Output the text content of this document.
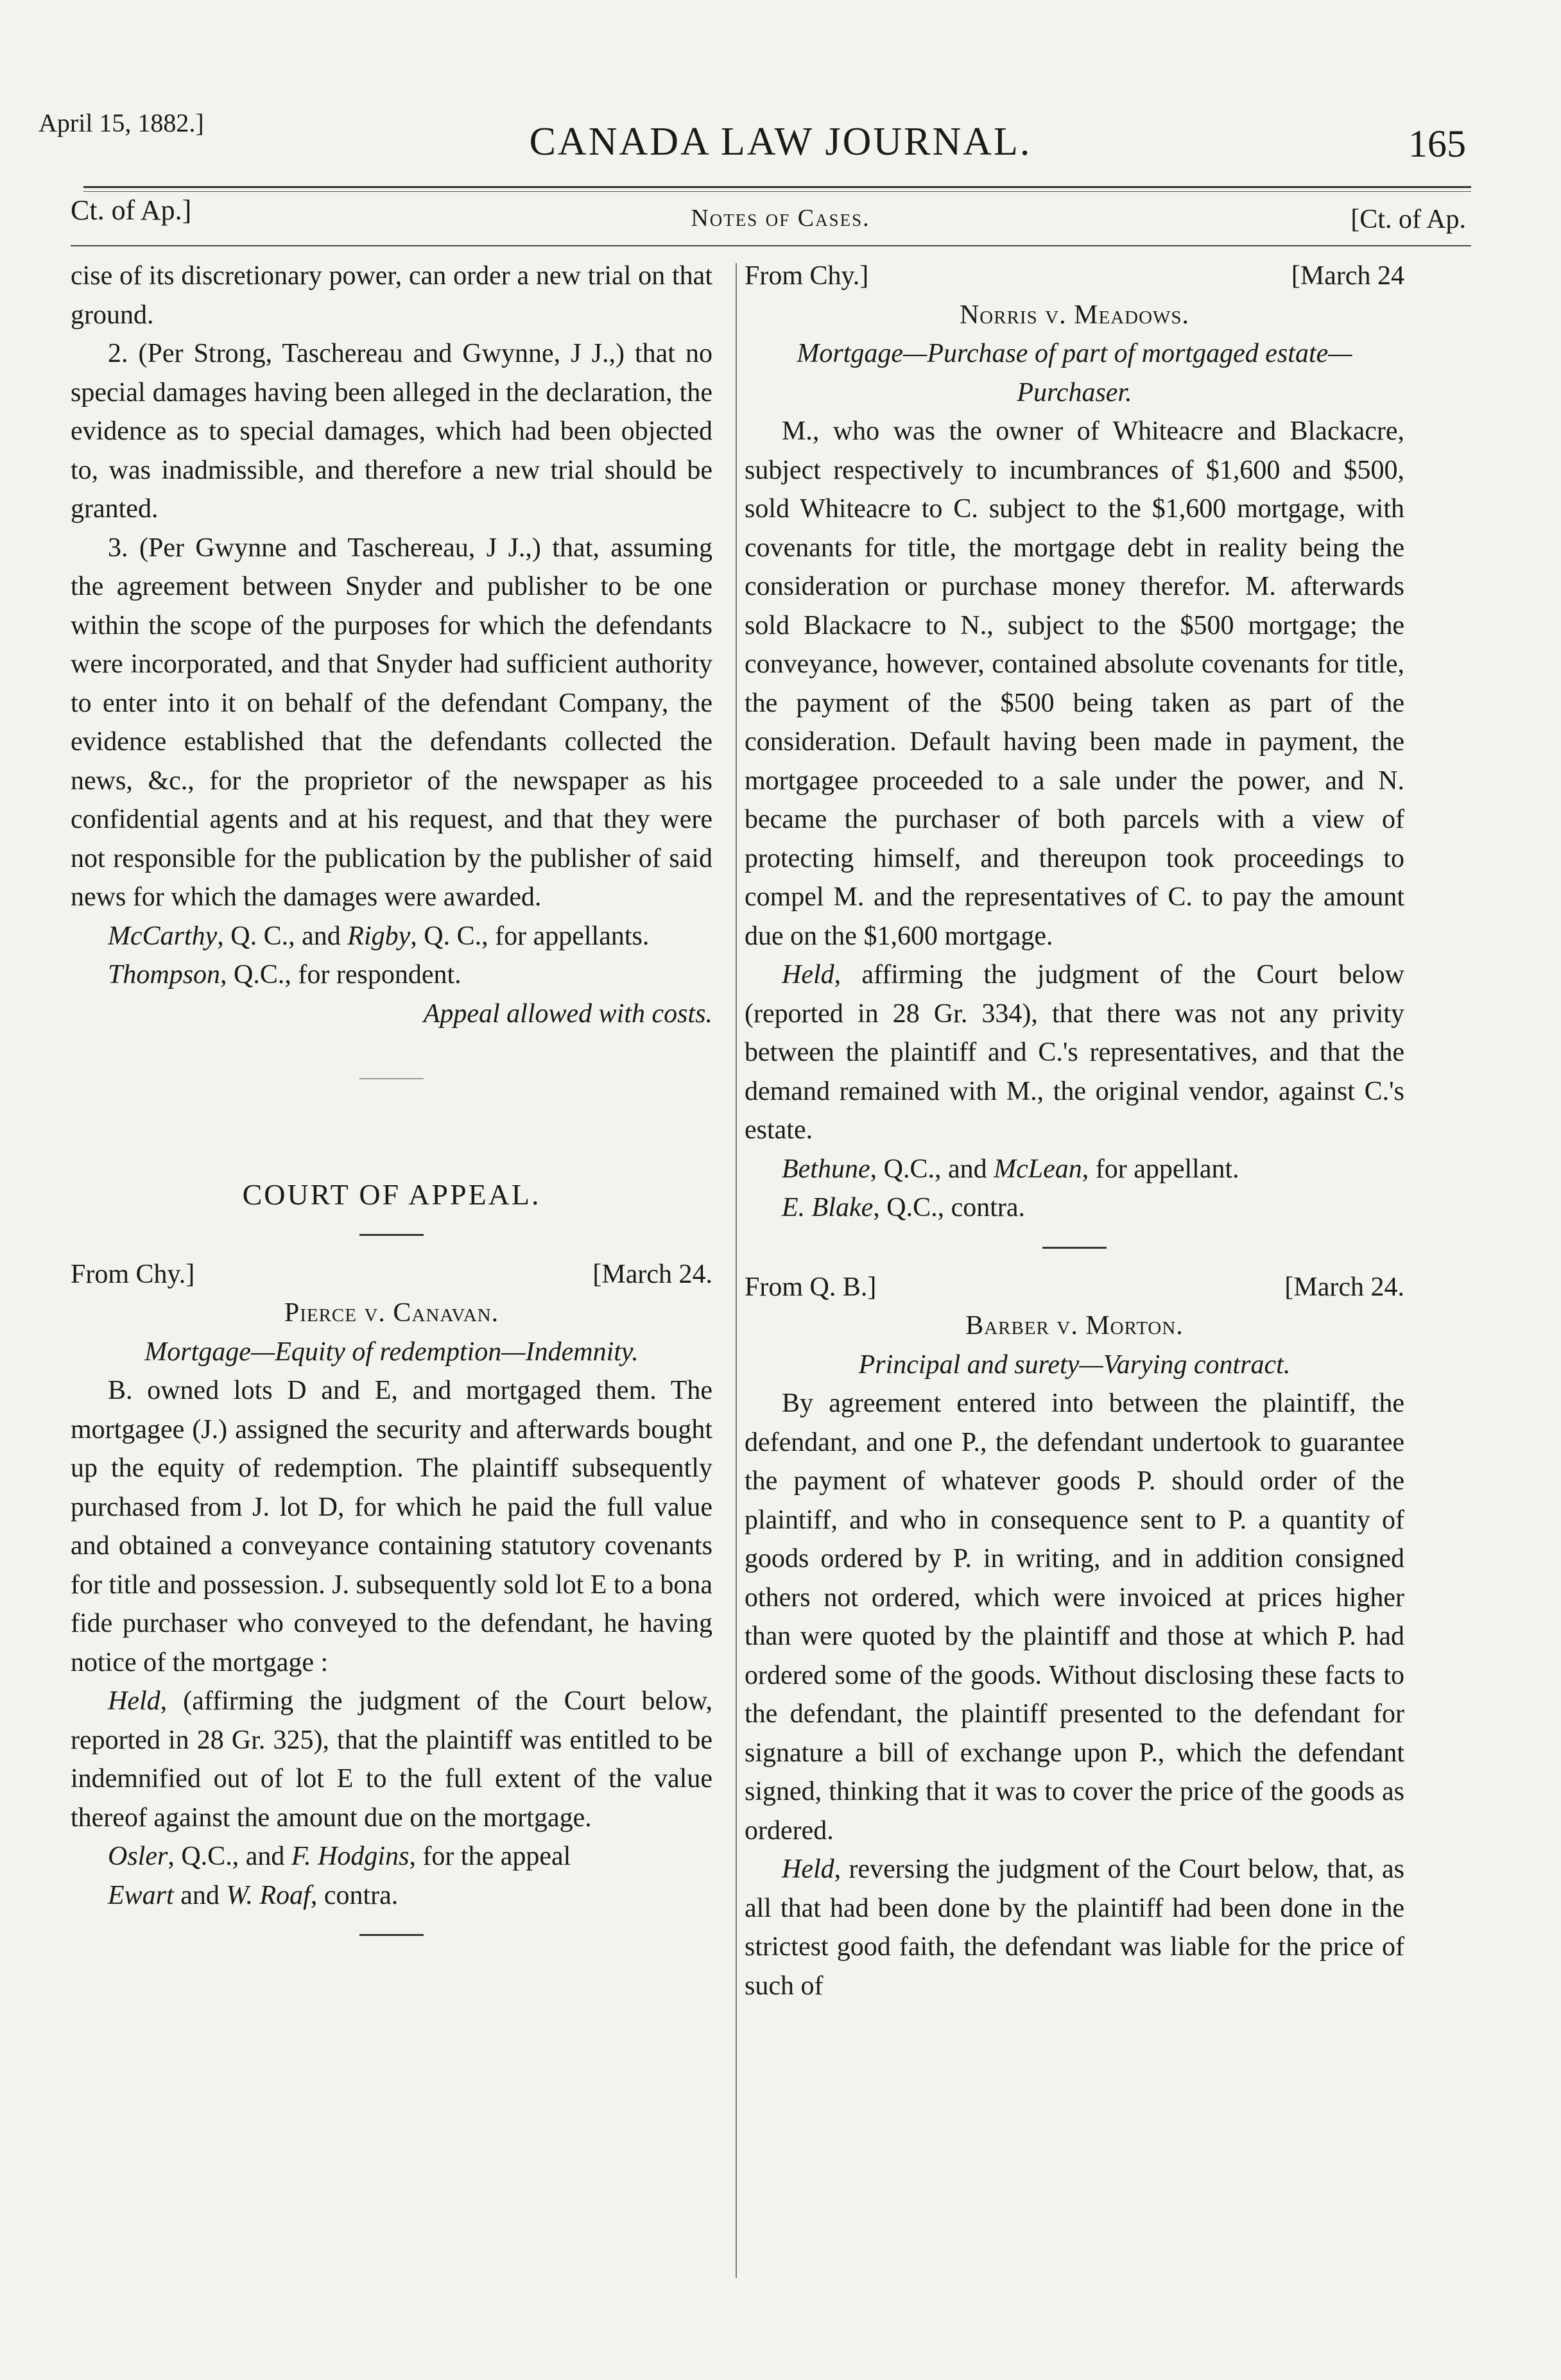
April 15, 1882.]	CANADA LAW JOURNAL.	165
Ct. of Ap.]	Notes of Cases.	[Ct. of Ap.

cise of its discretionary power, can order a new trial on that ground.

2. (Per Strong, Taschereau and Gwynne, J J.,) that no special damages having been alleged in the declaration, the evidence as to special damages, which had been objected to, was inadmissible, and therefore a new trial should be granted.

3. (Per Gwynne and Taschereau, J J.,) that, assuming the agreement between Snyder and publisher to be one within the scope of the purposes for which the defendants were incorporated, and that Snyder had sufficient authority to enter into it on behalf of the defendant Company, the evidence established that the defendants collected the news, &c., for the proprietor of the newspaper as his confidential agents and at his request, and that they were not responsible for the publication by the publisher of said news for which the damages were awarded.

McCarthy, Q. C., and Rigby, Q. C., for appellants.

Thompson, Q.C., for respondent.

Appeal allowed with costs.

COURT OF APPEAL.

From Chy.]	[March 24.

Pierce v. Canavan.

Mortgage—Equity of redemption—Indemnity.

B. owned lots D and E, and mortgaged them. The mortgagee (J.) assigned the security and afterwards bought up the equity of redemption. The plaintiff subsequently purchased from J. lot D, for which he paid the full value and obtained a conveyance containing statutory covenants for title and possession. J. subsequently sold lot E to a bona fide purchaser who conveyed to the defendant, he having notice of the mortgage :

Held, (affirming the judgment of the Court below, reported in 28 Gr. 325), that the plaintiff was entitled to be indemnified out of lot E to the full extent of the value thereof against the amount due on the mortgage.

Osler, Q.C., and F. Hodgins, for the appeal

Ewart and W. Roaf, contra.

From Chy.]	[March 24

Norris v. Meadows.

Mortgage—Purchase of part of mortgaged estate—Purchaser.

M., who was the owner of Whiteacre and Blackacre, subject respectively to incumbrances of $1,600 and $500, sold Whiteacre to C. subject to the $1,600 mortgage, with covenants for title, the mortgage debt in reality being the consideration or purchase money therefor. M. afterwards sold Blackacre to N., subject to the $500 mortgage; the conveyance, however, contained absolute covenants for title, the payment of the $500 being taken as part of the consideration. Default having been made in payment, the mortgagee proceeded to a sale under the power, and N. became the purchaser of both parcels with a view of protecting himself, and thereupon took proceedings to compel M. and the representatives of C. to pay the amount due on the $1,600 mortgage.

Held, affirming the judgment of the Court below (reported in 28 Gr. 334), that there was not any privity between the plaintiff and C.'s representatives, and that the demand remained with M., the original vendor, against C.'s estate.

Bethune, Q.C., and McLean, for appellant.

E. Blake, Q.C., contra.

From Q. B.]	[March 24.

Barber v. Morton.

Principal and surety—Varying contract.

By agreement entered into between the plaintiff, the defendant, and one P., the defendant undertook to guarantee the payment of whatever goods P. should order of the plaintiff, and who in consequence sent to P. a quantity of goods ordered by P. in writing, and in addition consigned others not ordered, which were invoiced at prices higher than were quoted by the plaintiff and those at which P. had ordered some of the goods. Without disclosing these facts to the defendant, the plaintiff presented to the defendant for signature a bill of exchange upon P., which the defendant signed, thinking that it was to cover the price of the goods as ordered.

Held, reversing the judgment of the Court below, that, as all that had been done by the plaintiff had been done in the strictest good faith, the defendant was liable for the price of such of
